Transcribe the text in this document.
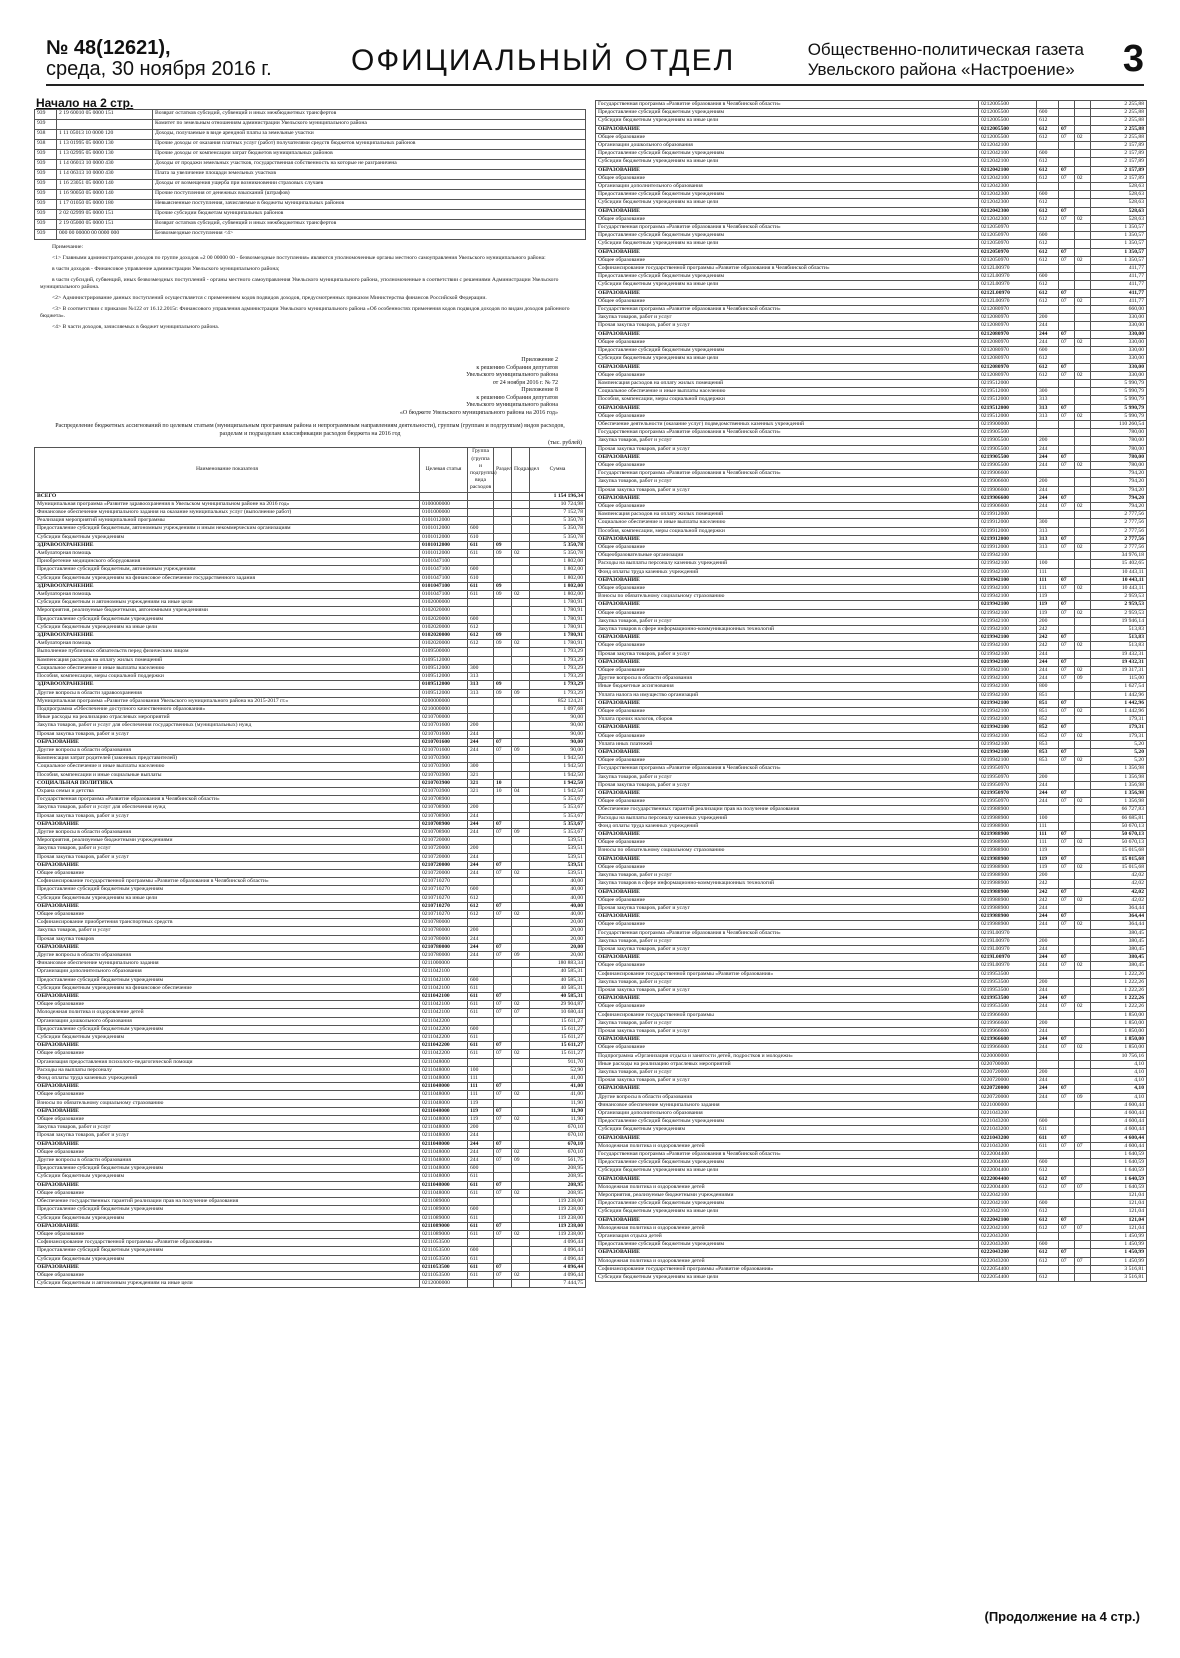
№ 48(12621),
среда, 30 ноября 2016 г.	ОФИЦИАЛЬНЫЙ ОТДЕЛ	Общественно-политическая газета
Увельского района «Настроение» 3
Начало на 2 стр.
939	2 19 60010 05 0000 151	Возврат остатков субсидий, субвенций и иных межбюджетных трансфертов
939		Комитет по земельным отношениям администрации Увельского муниципального района
938	1 11 05013 10 0000 120	Доходы, получаемые в виде арендной платы за земельные участки
938	1 13 01995 05 0000 130	Прочие доходы от оказания платных услуг (работ) получателями средств бюджетов муниципальных районов
939	1 13 02995 05 0000 130	Прочие доходы от компенсации затрат бюджетов муниципальных районов
939	1 14 06013 10 0000 430	Доходы от продажи земельных участков, государственная собственность на которые не разграничена
939	1 14 06313 10 0000 430	Плата за увеличение площади земельных участков
939	1 16 23051 05 0000 140	Доходы от возмещения ущерба при возникновении страховых случаев
939	1 16 90050 05 0000 140	Прочие поступления от денежных взысканий (штрафов)
939	1 17 01050 05 0000 180	Невыясненные поступления, зачисляемые в бюджеты муниципальных районов
939	2 02 02999 05 0000 151	Прочие субсидии бюджетам муниципальных районов
939	2 19 05000 05 0000 151	Возврат остатков субсидий, субвенций и иных межбюджетных трансфертов
939	000 00 00000 00 0000 000	Безвозмездные поступления <4>
Примечание:
<1> Главными администраторами доходов по группе доходов «2 00 00000 00 - безвозмездные поступления» являются уполномоченные органы местного самоуправления Увельского муниципального района:
в части доходов - Финансовое управление администрации Увельского муниципального района;
в части субсидий, субвенций, иных безвозмездных поступлений - органы местного самоуправления Увельского муниципального района, уполномоченные в соответствии с решениями Администрации Увельского муниципального района.
<2> Администрирование данных поступлений осуществляется с применением кодов подвидов доходов, предусмотренных приказом Министерства финансов Российской Федерации.
<3> В соответствии с приказом №122 от 16.12.2015г. Финансового управления администрации Увельского муниципального района «Об особенностях применения кодов подвидов доходов по видам доходов районного бюджета».
<4> В части доходов, зачисляемых в бюджет муниципального района.
Приложение 2
к решению Собрания депутатов
Увельского муниципального района
от 24 ноября 2016 г. № 72
Приложение 8
к решению Собрания депутатов
Увельского муниципального района
«О бюджете Увельского муниципального района на 2016 год»
Распределение бюджетных ассигнований по целевым статьям (муниципальным программам района и непрограммным направлениям деятельности), группам (группам и подгруппам) видов расходов, разделам и подразделам классификации расходов бюджета на 2016 год
(тыс. рублей)
Наименование показателя	Целевая статья	Группа (группа и подгруппа) вида расходов	Раздел	Подраздел	Сумма
ВСЕГО					1 154 196,34
Муниципальная программа «Развитие здравоохранения в Увельском муниципальном районе на 2016 год»	0100000000				10 724,98
Финансовое обеспечение муниципального задания на оказание муниципальных услуг (выполнение работ)	0101000000				7 152,78
Реализация мероприятий муниципальной программы	0101012000				5 350,78
Предоставление субсидий бюджетным, автономным учреждениям и иным некоммерческим организациям	0101012000	600			5 350,78
Субсидии бюджетным учреждениям	0101012000	610			5 350,78
ЗДРАВООХРАНЕНИЕ	0101012000	611	09		5 350,78
Амбулаторная помощь	0101012000	611	09	02	5 350,78
Приобретение медицинского оборудования	0101047100				1 802,00
Предоставление субсидий бюджетным, автономным учреждениям	0101047100	600			1 802,00
Субсидии бюджетным учреждениям на финансовое обеспечение государственного задания	0101047100	610			1 802,00
ЗДРАВООХРАНЕНИЕ	0101047100	611	09		1 802,00
Амбулаторная помощь	0101047100	611	09	02	1 802,00
Субсидии бюджетным и автономным учреждениям на иные цели	0102000000				1 780,91
Мероприятия, реализуемые бюджетными, автономными учреждениями	0102020000				1 780,91
Предоставление субсидий бюджетным учреждениям	0102020000	600			1 780,91
Субсидии бюджетным учреждениям на иные цели	0102020000	612			1 780,91
ЗДРАВООХРАНЕНИЕ	0102020000	612	09		1 780,91
Амбулаторная помощь	0102020000	612	09	02	1 780,91
Выполнение публичных обязательств перед физическим лицом	0109500000				1 793,29
Компенсация расходов на оплату жилых помещений	0109512000				1 793,29
Социальное обеспечение и иные выплаты населению	0109512000	300			1 793,29
Пособия, компенсации, меры социальной поддержки	0109512000	313			1 793,29
ЗДРАВООХРАНЕНИЕ	0109512000	313	09		1 793,29
Другие вопросы в области здравоохранения	0109512000	313	09	09	1 793,29
Муниципальная программа «Развитие образования Увельского муниципального района на 2015-2017 гг.»	0200000000				852 124,21
Подпрограмма «Обеспечение доступного качественного образования»	0210000000				1 097,68
Иные расходы на реализацию отраслевых мероприятий	0210700000				90,00
Закупка товаров, работ и услуг для обеспечения государственных (муниципальных) нужд	0210701600	200			90,00
Прочая закупка товаров, работ и услуг	0210701600	244			90,00
ОБРАЗОВАНИЕ	0210701600	244	07		90,00
Другие вопросы в области образования	0210701600	244	07	09	90,00
Компенсация затрат родителей (законных представителей)	0210703900				1 942,50
Социальное обеспечение и иные выплаты населению	0210703900	300			1 942,50
Пособия, компенсации и иные социальные выплаты	0210703900	321			1 942,50
СОЦИАЛЬНАЯ ПОЛИТИКА	0210703900	321	10		1 942,50
Охрана семьи и детства	0210703900	321	10	04	1 942,50
Государственная программа «Развитие образования в Челябинской области»	0210708900				5 353,67
Закупка товаров, работ и услуг для обеспечения нужд	0210708900	200			5 353,67
Прочая закупка товаров, работ и услуг	0210708900	244			5 353,67
ОБРАЗОВАНИЕ	0210708900	244	07		5 353,67
Другие вопросы в области образования	0210708900	244	07	09	5 353,67
Мероприятия, реализуемые бюджетными учреждениями	0210720000				539,51
Закупка товаров, работ и услуг	0210720000	200			539,51
Прочая закупка товаров, работ и услуг	0210720000	244			539,51
ОБРАЗОВАНИЕ	0210720000	244	07		539,51
Общее образование	0210720000	244	07	02	539,51
Софинансирование государственной программы «Развитие образования в Челябинской области»	0210710270				40,00
Предоставление субсидий бюджетным учреждениям	0210710270	600			40,00
Субсидии бюджетным учреждениям на иные цели	0210710270	612			40,00
ОБРАЗОВАНИЕ	0210710270	612	07		40,00
Общее образование	0210710270	612	07	02	40,00
Софинансирование приобретения транспортных средств	0210780000				20,00
Закупка товаров, работ и услуг	0210780000	200			20,00
Прочая закупка товаров	0210780000	244			20,00
ОБРАЗОВАНИЕ	0210780000	244	07		20,00
Другие вопросы в области образования	0210780000	244	07	09	20,00
Финансовое обеспечение муниципального задания	0211000000				180 883,34
Организации дополнительного образования	0211042100				40 585,31
Предоставление субсидий бюджетным учреждениям	0211042100	600			40 585,31
Субсидии бюджетным учреждениям на финансовое обеспечение	0211042100	611			40 585,31
ОБРАЗОВАНИЕ	0211042100	611	07		40 585,31
Общее образование	0211042100	611	07	02	29 904,87
Молодежная политика и оздоровление детей	0211042100	611	07	07	10 680,44
Организации дошкольного образования	0211042200				15 611,27
Предоставление субсидий бюджетным учреждениям	0211042200	600			15 611,27
Субсидии бюджетным учреждениям	0211042200	611			15 611,27
ОБРАЗОВАНИЕ	0211042200	611	07		15 611,27
Общее образование	0211042200	611	07	02	15 611,27
Организация предоставления психолого-педагогической помощи	0211048000				911,70
Расходы на выплаты персоналу	0211048000	100			52,90
Фонд оплаты труда казенных учреждений	0211048000	111			41,00
ОБРАЗОВАНИЕ	0211048000	111	07		41,00
Общее образование	0211048000	111	07	02	41,00
Взносы по обязательному социальному страхованию	0211048000	119			11,90
ОБРАЗОВАНИЕ	0211048000	119	07		11,90
Общее образование	0211048000	119	07	02	11,90
Закупка товаров, работ и услуг	0211048000	200			670,10
Прочая закупка товаров, работ и услуг	0211048000	244			670,10
ОБРАЗОВАНИЕ	0211048000	244	07		670,10
Общее образование	0211048000	244	07	02	670,10
Другие вопросы в области образования	0211048000	244	07	09	561,75
Предоставление субсидий бюджетным учреждениям	0211048000	600			208,95
Субсидии бюджетным учреждениям	0211048000	611			208,95
ОБРАЗОВАНИЕ	0211048000	611	07		208,95
Общее образование	0211048000	611	07	02	208,95
Обеспечение государственных гарантий реализации прав на получение образования	0211089000				119 238,00
Предоставление субсидий бюджетным учреждениям	0211089000	600			119 238,00
Субсидии бюджетным учреждениям	0211089000	611			119 238,00
ОБРАЗОВАНИЕ	0211089000	611	07		119 238,00
Общее образование	0211089000	611	07	02	119 238,00
Софинансирование государственной программы «Развитие образования»	0211053500				4 096,44
Предоставление субсидий бюджетным учреждениям	0211053500	600			4 096,44
Субсидии бюджетным учреждениям	0211053500	611			4 096,44
ОБРАЗОВАНИЕ	0211053500	611	07		4 096,44
Общее образование	0211053500	611	07	02	4 096,44
Субсидии бюджетным и автономным учреждениям на иные цели	0212000000				7 444,75
Государственная программа «Развитие образования в Челябинской области»	0212005500				2 255,88
Предоставление субсидий бюджетным учреждениям	0212005500	600			2 255,88
Субсидии бюджетным учреждениям на иные цели	0212005500	612			2 255,88
ОБРАЗОВАНИЕ	0212005500	612	07		2 255,88
Общее образование	0212005500	612	07	02	2 255,88
Организации дошкольного образования	0212042100				2 157,89
Предоставление субсидий бюджетным учреждениям	0212042100	600			2 157,89
Субсидии бюджетным учреждениям на иные цели	0212042100	612			2 157,89
ОБРАЗОВАНИЕ	0212042100	612	07		2 157,89
Общее образование	0212042100	612	07	02	2 157,89
Организации дополнительного образования	0212042300				528,63
Предоставление субсидий бюджетным учреждениям	0212042300	600			528,63
Субсидии бюджетным учреждениям на иные цели	0212042300	612			528,63
ОБРАЗОВАНИЕ	0212042300	612	07		528,63
Общее образование	0212042300	612	07	02	528,63
Государственная программа «Развитие образования в Челябинской области»	0212050970				1 350,57
Предоставление субсидий бюджетным учреждениям	0212050970	600			1 350,57
Субсидии бюджетным учреждениям на иные цели	0212050970	612			1 350,57
ОБРАЗОВАНИЕ	0212050970	612	07		1 350,57
Общее образование	0212050970	612	07	02	1 350,57
Софинансирование государственной программы «Развитие образования в Челябинской области»	0212L00970				411,77
Предоставление субсидий бюджетным учреждениям	0212L00970	600			411,77
Субсидии бюджетным учреждениям на иные цели	0212L00970	612			411,77
ОБРАЗОВАНИЕ	0212L00970	612	07		411,77
Общее образование	0212L00970	612	07	02	411,77
Государственная программа «Развитие образования в Челябинской области»	0212080970				660,00
Закупка товаров, работ и услуг	0212080970	200			330,00
Прочая закупка товаров, работ и услуг	0212080970	244			330,00
ОБРАЗОВАНИЕ	0212080970	244	07		330,00
Общее образование	0212080970	244	07	02	330,00
Предоставление субсидий бюджетным учреждениям	0212080970	600			330,00
Субсидии бюджетным учреждениям на иные цели	0212080970	612			330,00
ОБРАЗОВАНИЕ	0212080970	612	07		330,00
Общее образование	0212080970	612	07	02	330,00
Компенсация расходов на оплату жилых помещений	0219512000				5 990,79
Социальное обеспечение и иные выплаты населению	0219512000	300			5 990,79
Пособия, компенсации, меры социальной поддержки	0219512000	313			5 990,79
ОБРАЗОВАНИЕ	0219512000	313	07		5 990,79
Общее образование	0219512000	313	07	02	5 990,79
Обеспечение деятельности (оказание услуг) подведомственных казенных учреждений	0219900000				110 260,54
Государственная программа «Развитие образования в Челябинской области»	0219905500				780,00
Закупка товаров, работ и услуг	0219905500	200			780,00
Прочая закупка товаров, работ и услуг	0219905500	244			780,00
ОБРАЗОВАНИЕ	0219905500	244	07		780,00
Общее образование	0219905500	244	07	02	780,00
Государственная программа «Развитие образования в Челябинской области»	0219906600				794,20
Закупка товаров, работ и услуг	0219906600	200			794,20
Прочая закупка товаров, работ и услуг	0219906600	244			794,20
ОБРАЗОВАНИЕ	0219906600	244	07		794,20
Общее образование	0219906600	244	07	02	794,20
Компенсация расходов на оплату жилых помещений	0219912000				2 777,56
Социальное обеспечение и иные выплаты населению	0219912000	300			2 777,56
Пособия, компенсации, меры социальной поддержки	0219912000	313			2 777,56
ОБРАЗОВАНИЕ	0219912000	313	07		2 777,56
Общее образование	0219912000	313	07	02	2 777,56
Общеобразовательные организации	0219942100				34 976,18
Расходы на выплаты персоналу казенных учреждений	0219942100	100			15 402,65
Фонд оплаты труда казенных учреждений	0219942100	111			10 443,11
ОБРАЗОВАНИЕ	0219942100	111	07		10 443,11
Общее образование	0219942100	111	07	02	10 443,11
Взносы по обязательному социальному страхованию	0219942100	119			2 959,53
ОБРАЗОВАНИЕ	0219942100	119	07		2 959,53
Общее образование	0219942100	119	07	02	2 959,53
Закупка товаров, работ и услуг	0219942100	200			19 946,14
Закупка товаров в сфере информационно-коммуникационных технологий	0219942100	242			513,83
ОБРАЗОВАНИЕ	0219942100	242	07		513,83
Общее образование	0219942100	242	07	02	513,83
Прочая закупка товаров, работ и услуг	0219942100	244			19 432,31
ОБРАЗОВАНИЕ	0219942100	244	07		19 432,31
Общее образование	0219942100	244	07	02	19 317,31
Другие вопросы в области образования	0219942100	244	07	09	115,00
Иные бюджетные ассигнования	0219942100	800			1 627,54
Уплата налога на имущество организаций	0219942100	851			1 442,96
ОБРАЗОВАНИЕ	0219942100	851	07		1 442,96
Общее образование	0219942100	851	07	02	1 442,96
Уплата прочих налогов, сборов	0219942100	852			179,31
ОБРАЗОВАНИЕ	0219942100	852	07		179,31
Общее образование	0219942100	852	07	02	179,31
Уплата иных платежей	0219942100	853			5,20
ОБРАЗОВАНИЕ	0219942100	853	07		5,20
Общее образование	0219942100	853	07	02	5,20
Государственная программа «Развитие образования в Челябинской области»	0219950970				1 356,98
Закупка товаров, работ и услуг	0219950970	200			1 356,98
Прочая закупка товаров, работ и услуг	0219950970	244			1 356,98
ОБРАЗОВАНИЕ	0219950970	244	07		1 356,98
Общее образование	0219950970	244	07	02	1 356,98
Обеспечение государственных гарантий реализации прав на получение образования	0219988900				66 727,83
Расходы на выплаты персоналу казенных учреждений	0219988900	100			66 685,81
Фонд оплаты труда казенных учреждений	0219988900	111			50 670,13
ОБРАЗОВАНИЕ	0219988900	111	07		50 670,13
Общее образование	0219988900	111	07	02	50 670,13
Взносы по обязательному социальному страхованию	0219988900	119			15 015,68
ОБРАЗОВАНИЕ	0219988900	119	07		15 015,68
Общее образование	0219988900	119	07	02	15 015,68
Закупка товаров, работ и услуг	0219988900	200			42,02
Закупка товаров в сфере информационно-коммуникационных технологий	0219988900	242			42,02
ОБРАЗОВАНИЕ	0219988900	242	07		42,02
Общее образование	0219988900	242	07	02	42,02
Прочая закупка товаров, работ и услуг	0219988900	244			364,44
ОБРАЗОВАНИЕ	0219988900	244	07		364,44
Общее образование	0219988900	244	07	02	364,44
Государственная программа «Развитие образования в Челябинской области»	0219L00970				380,45
Закупка товаров, работ и услуг	0219L00970	200			380,45
Прочая закупка товаров, работ и услуг	0219L00970	244			380,45
ОБРАЗОВАНИЕ	0219L00970	244	07		380,45
Общее образование	0219L00970	244	07	02	380,45
Софинансирование государственной программы «Развитие образования»	0219953500				1 222,26
Закупка товаров, работ и услуг	0219953500	200			1 222,26
Прочая закупка товаров, работ и услуг	0219953500	244			1 222,26
ОБРАЗОВАНИЕ	0219953500	244	07		1 222,26
Общее образование	0219953500	244	07	02	1 222,26
Софинансирование государственной программы	0219966600				1 850,00
Закупка товаров, работ и услуг	0219966600	200			1 850,00
Прочая закупка товаров, работ и услуг	0219966600	244			1 850,00
ОБРАЗОВАНИЕ	0219966600	244	07		1 850,00
Общее образование	0219966600	244	07	02	1 850,00
Подпрограмма «Организация отдыха и занятости детей, подростков и молодежи»	0220000000				10 756,16
Иные расходы на реализацию отраслевых мероприятий	0220700000				4,10
Закупка товаров, работ и услуг	0220720000	200			4,10
Прочая закупка товаров, работ и услуг	0220720000	244			4,10
ОБРАЗОВАНИЕ	0220720000	244	07		4,10
Другие вопросы в области образования	0220720000	244	07	09	4,10
Финансовое обеспечение муниципального задания	0221000000				4 600,44
Организации дополнительного образования	0221043200				4 600,44
Предоставление субсидий бюджетным учреждениям	0221043200	600			4 600,44
Субсидии бюджетным учреждениям	0221043200	611			4 600,44
ОБРАЗОВАНИЕ	0221043200	611	07		4 600,44
Молодежная политика и оздоровление детей	0221043200	611	07	07	4 600,44
Государственная программа «Развитие образования в Челябинской области»	0222004400				1 640,59
Предоставление субсидий бюджетным учреждениям	0222004400	600			1 640,59
Субсидии бюджетным учреждениям на иные цели	0222004400	612			1 640,59
ОБРАЗОВАНИЕ	0222004400	612	07		1 640,59
Молодежная политика и оздоровление детей	0222004400	612	07	07	1 640,59
Мероприятия, реализуемые бюджетными учреждениями	0222042100				121,04
Предоставление субсидий бюджетным учреждениям	0222042100	600			121,04
Субсидии бюджетным учреждениям на иные цели	0222042100	612			121,04
ОБРАЗОВАНИЕ	0222042100	612	07		121,04
Молодежная политика и оздоровление детей	0222042100	612	07	07	121,04
Организация отдыха детей	0222043200				1 450,99
Предоставление субсидий бюджетным учреждениям	0222043200	600			1 450,99
ОБРАЗОВАНИЕ	0222043200	612	07		1 450,99
Молодежная политика и оздоровление детей	0222043200	612	07	07	1 450,99
Софинансирование государственной программы «Развитие образования»	0222054400				3 516,81
Субсидии бюджетным учреждениям на иные цели	0222054400	612			3 516,81
(Продолжение на 4 стр.)
